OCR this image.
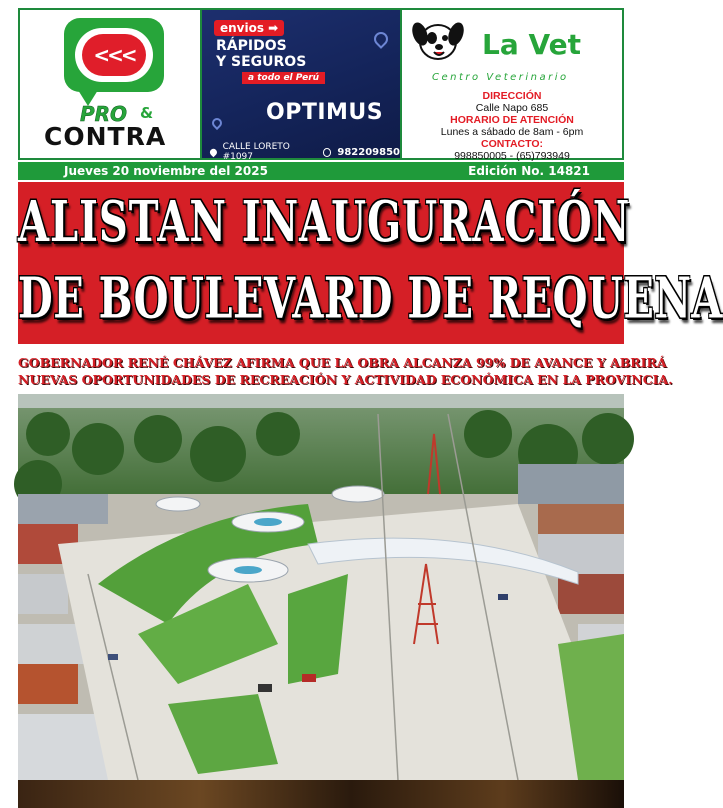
<<<
PRO &
CONTRA
envios ➡
RÁPIDOS
Y SEGUROS
a todo el Perú
OPTIMUS
CALLE LORETO #1097	982209850
La Vet
Centro Veterinario
DIRECCIÓN
Calle Napo 685
HORARIO DE ATENCIÓN
Lunes a sábado de 8am - 6pm
CONTACTO:
998850005 - (65)793949
Jueves 20 noviembre del 2025	Edición No. 14821
ALISTAN INAUGURACIÓN
DE BOULEVARD DE REQUENA
GOBERNADOR RENÉ CHÁVEZ AFIRMA QUE LA OBRA ALCANZA 99% DE AVANCE Y ABRIRÁ
NUEVAS OPORTUNIDADES DE RECREACIÓN Y ACTIVIDAD ECONÓMICA EN LA PROVINCIA.
